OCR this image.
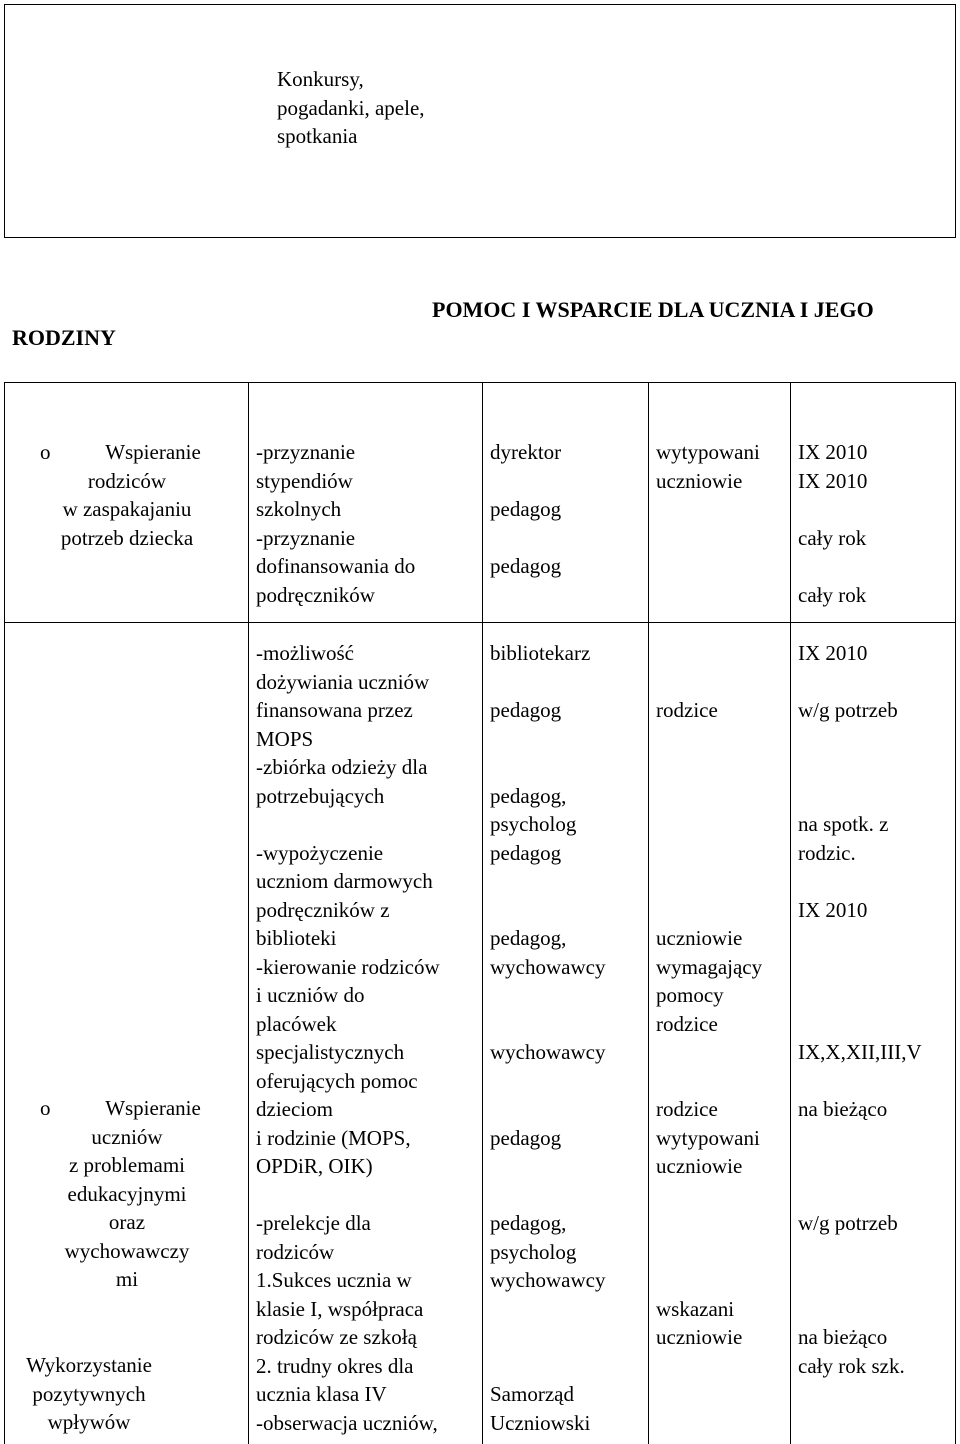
Konkursy,
pogadanki, apele,
spotkania
RODZINY
POMOC I WSPARCIE DLA UCZNIA I JEGO
o	Wspieranie
rodziców
w zaspakajaniu
potrzeb dziecka
-przyznanie
stypendiów
szkolnych
-przyznanie
dofinansowania do
podręczników
dyrektor

pedagog

pedagog
wytypowani
uczniowie
IX 2010
IX 2010

cały rok

cały rok
o	Wspieranie
uczniów
z problemami
edukacyjnymi
oraz
wychowawczy
mi
Wykorzystanie
pozytywnych
wpływów
-możliwość
dożywiania uczniów
finansowana przez
MOPS
-zbiórka odzieży dla
potrzebujących

-wypożyczenie
uczniom darmowych
podręczników z
biblioteki
-kierowanie rodziców
i uczniów do
placówek
specjalistycznych
oferujących pomoc
dzieciom
i rodzinie (MOPS,
OPDiR, OIK)

-prelekcje dla
rodziców
1.Sukces ucznia w
klasie I, współpraca
rodziców ze szkołą
2. trudny okres dla
ucznia klasa IV
-obserwacja uczniów,
bibliotekarz

pedagog

pedagog,
psycholog
pedagog

pedagog,
wychowawcy

wychowawcy

pedagog

pedagog,
psycholog
wychowawcy

Samorząd
Uczniowski

rodzice

uczniowie
wymagający
pomocy
rodzice

rodzice
wytypowani
uczniowie

wskazani
uczniowie
IX 2010

w/g potrzeb

na spotk. z
rodzic.

IX 2010

IX,X,XII,III,V

na bieżąco

w/g potrzeb

na bieżąco
cały rok szk.
